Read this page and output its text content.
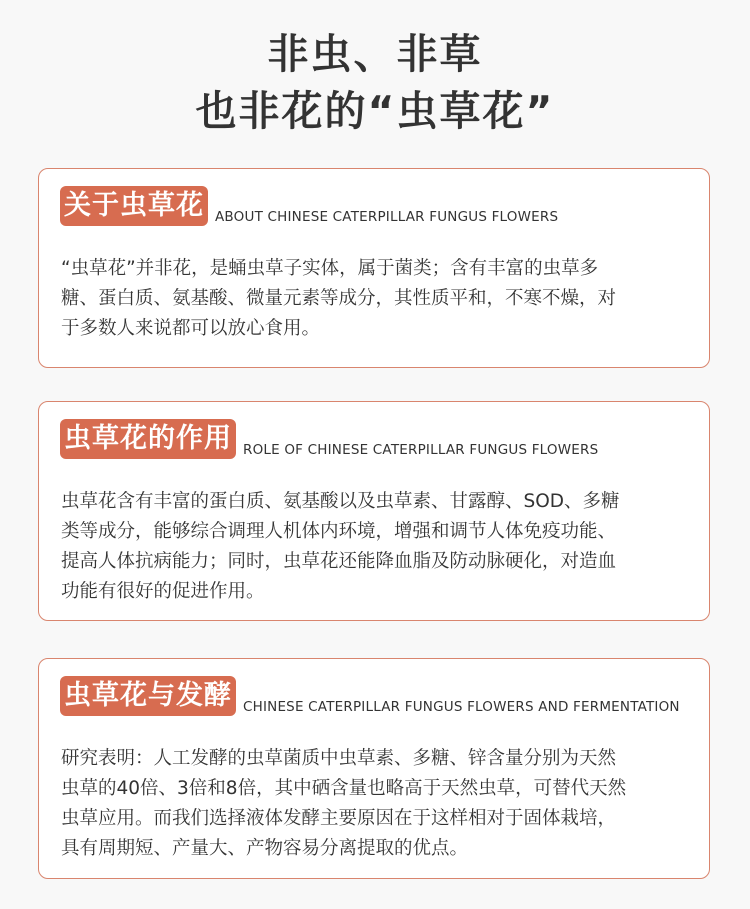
非虫、非草
也非花的“虫草花”
关于虫草花 ABOUT CHINESE CATERPILLAR FUNGUS FLOWERS

“虫草花”并非花，是蛹虫草子实体，属于菌类；含有丰富的虫草多

糖、蛋白质、氨基酸、微量元素等成分，其性质平和，不寒不燥，对

于多数人来说都可以放心食用。

虫草花的作用 ROLE OF CHINESE CATERPILLAR FUNGUS FLOWERS

虫草花含有丰富的蛋白质、氨基酸以及虫草素、甘露醇、SOD、多糖

类等成分，能够综合调理人机体内环境，增强和调节人体免疫功能、

提高人体抗病能力；同时，虫草花还能降血脂及防动脉硬化，对造血

功能有很好的促进作用。

虫草花与发酵 CHINESE CATERPILLAR FUNGUS FLOWERS AND FERMENTATION

研究表明：人工发酵的虫草菌质中虫草素、多糖、锌含量分别为天然

虫草的40倍、3倍和8倍，其中硒含量也略高于天然虫草，可替代天然

虫草应用。而我们选择液体发酵主要原因在于这样相对于固体栽培，

具有周期短、产量大、产物容易分离提取的优点。
